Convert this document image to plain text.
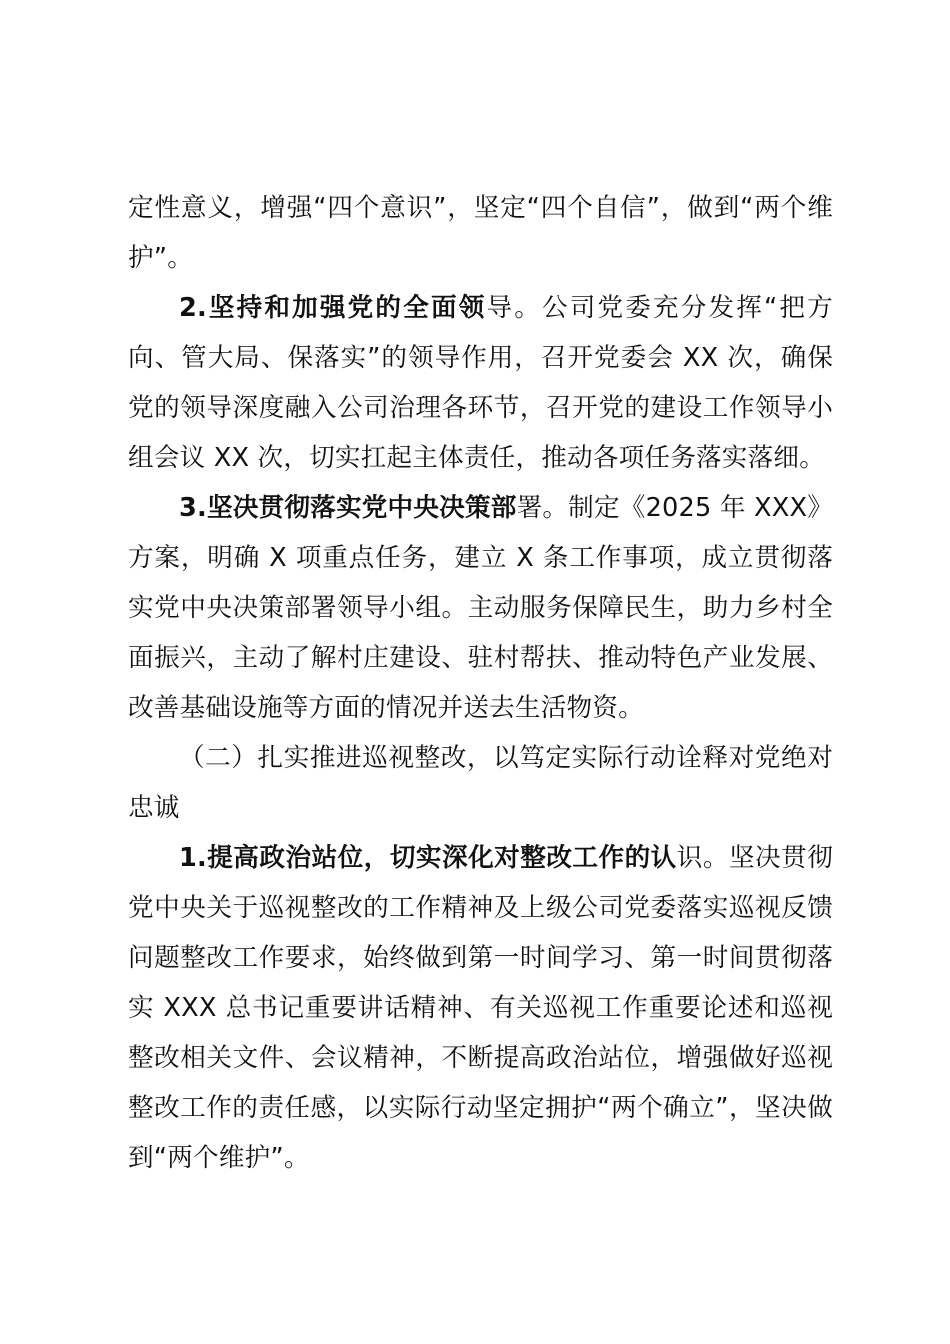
定性意义，增强“四个意识”，坚定“四个自信”，做到“两个维护”。

2.坚持和加强党的全面领导。公司党委充分发挥“把方向、管大局、保落实”的领导作用，召开党委会 XX 次，确保党的领导深度融入公司治理各环节，召开党的建设工作领导小组会议 XX 次，切实扛起主体责任，推动各项任务落实落细。

3.坚决贯彻落实党中央决策部署。制定《2025 年 XXX》方案，明确 X 项重点任务，建立 X 条工作事项，成立贯彻落实党中央决策部署领导小组。主动服务保障民生，助力乡村全面振兴，主动了解村庄建设、驻村帮扶、推动特色产业发展、改善基础设施等方面的情况并送去生活物资。

（二）扎实推进巡视整改，以笃定实际行动诠释对党绝对忠诚

1.提高政治站位，切实深化对整改工作的认识。坚决贯彻党中央关于巡视整改的工作精神及上级公司党委落实巡视反馈问题整改工作要求，始终做到第一时间学习、第一时间贯彻落实 XXX 总书记重要讲话精神、有关巡视工作重要论述和巡视整改相关文件、会议精神，不断提高政治站位，增强做好巡视整改工作的责任感，以实际行动坚定拥护“两个确立”，坚决做到“两个维护”。
